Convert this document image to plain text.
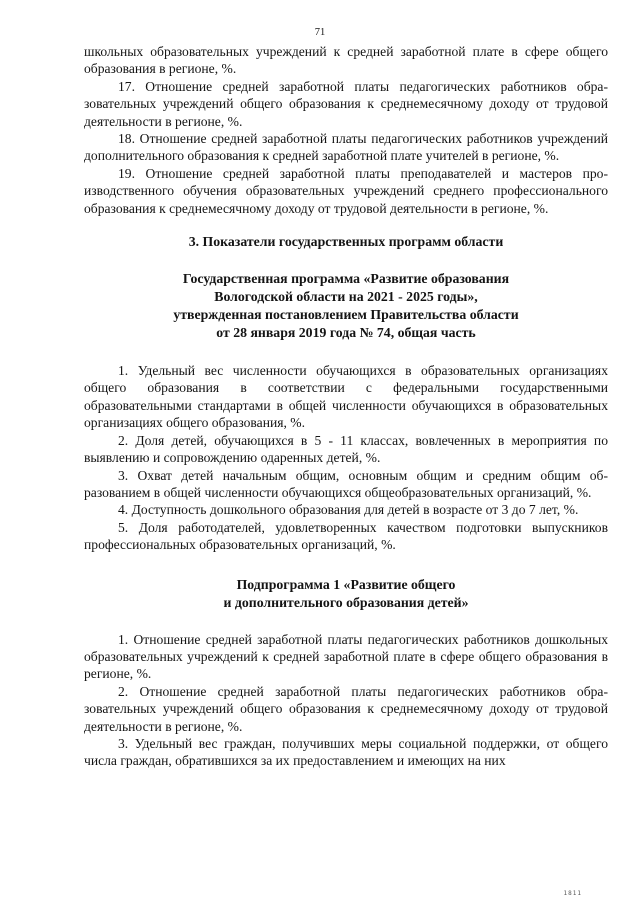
71

школьных образовательных учреждений к средней заработной плате в сфере общего образования в регионе, %.

17. Отношение средней заработной платы педагогических работников образовательных учреждений общего образования к среднемесячному доходу от трудовой деятельности в регионе, %.

18. Отношение средней заработной платы педагогических работников учреждений дополнительного образования к средней заработной плате учителей в регионе, %.

19. Отношение средней заработной платы преподавателей и мастеров производственного обучения образовательных учреждений среднего профессионального образования к среднемесячному доходу от трудовой деятельности в регионе, %.

3. Показатели государственных программ области

Государственная программа «Развитие образования
Вологодской области на 2021 - 2025 годы»,
утвержденная постановлением Правительства области
от 28 января 2019 года № 74, общая часть

1. Удельный вес численности обучающихся в образовательных организациях общего образования в соответствии с федеральными государственными образовательными стандартами в общей численности обучающихся в образовательных организациях общего образования, %.

2. Доля детей, обучающихся в 5 - 11 классах, вовлеченных в мероприятия по выявлению и сопровождению одаренных детей, %.

3. Охват детей начальным общим, основным общим и средним общим образованием в общей численности обучающихся общеобразовательных организаций, %.

4. Доступность дошкольного образования для детей в возрасте от 3 до 7 лет, %.

5. Доля работодателей, удовлетворенных качеством подготовки выпускников профессиональных образовательных организаций, %.

Подпрограмма 1 «Развитие общего
и дополнительного образования детей»

1. Отношение средней заработной платы педагогических работников дошкольных образовательных учреждений к средней заработной плате в сфере общего образования в регионе, %.

2. Отношение средней заработной платы педагогических работников образовательных учреждений общего образования к среднемесячному доходу от трудовой деятельности в регионе, %.

3. Удельный вес граждан, получивших меры социальной поддержки, от общего числа граждан, обратившихся за их предоставлением и имеющих на них

1811
